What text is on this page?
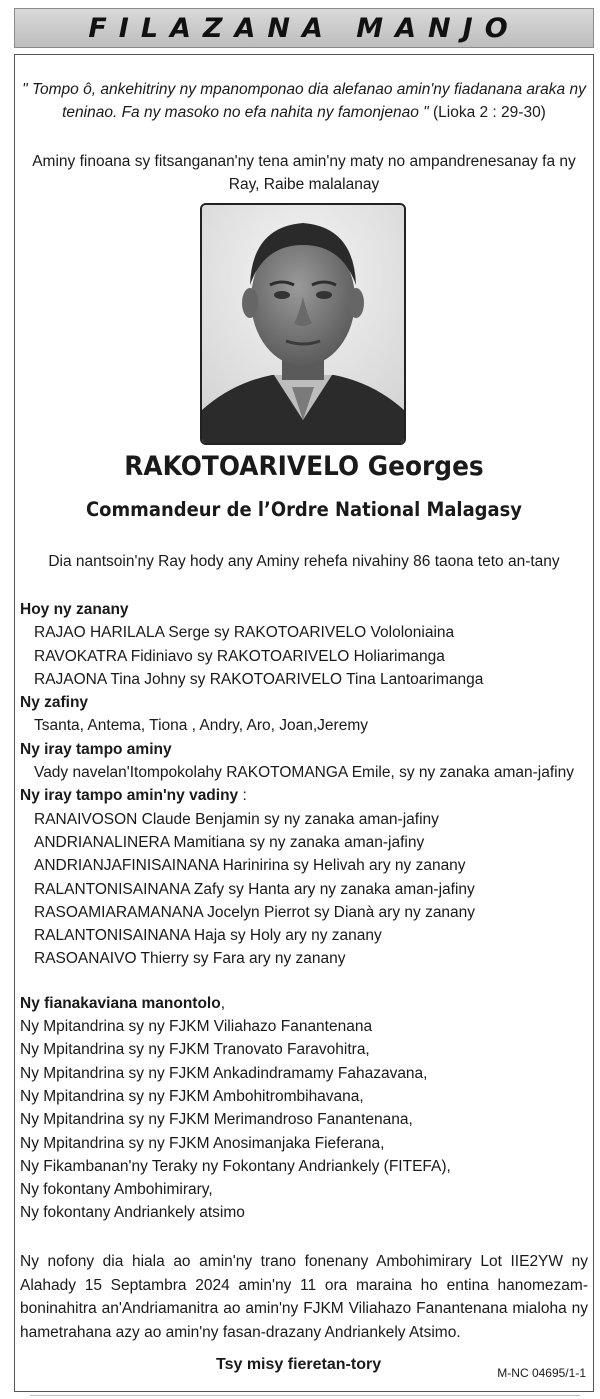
FILAZANA MANJO
" Tompo ô, ankehitriny ny mpanomponao dia alefanao amin'ny fiadanana araka ny teninao. Fa ny masoko no efa nahita ny famonjenao " (Lioka 2 : 29-30)
Aminy finoana sy fitsanganan'ny tena amin'ny maty no ampandrenesanay fa ny Ray, Raibe malalanay
RAKOTOARIVELO Georges
Commandeur de l’Ordre National Malagasy
Dia nantsoin'ny Ray hody any Aminy rehefa nivahiny 86 taona teto an-tany
Hoy ny zanany
RAJAO HARILALA Serge sy RAKOTOARIVELO Vololoniaina
RAVOKATRA Fidiniavo sy RAKOTOARIVELO Holiarimanga
RAJAONA Tina Johny sy RAKOTOARIVELO Tina Lantoarimanga
Ny zafiny
Tsanta, Antema, Tiona , Andry, Aro, Joan,Jeremy
Ny iray tampo aminy
Vady navelan'Itompokolahy RAKOTOMANGA Emile, sy ny zanaka aman-jafiny
Ny iray tampo amin'ny vadiny :
RANAIVOSON Claude Benjamin sy ny zanaka aman-jafiny
ANDRIANALINERA Mamitiana sy ny zanaka aman-jafiny
ANDRIANJAFINISAINANA Harinirina sy Helivah ary ny zanany
RALANTONISAINANA Zafy sy Hanta ary ny zanaka aman-jafiny
RASOAMIARAMANANA Jocelyn Pierrot sy Dianà ary ny zanany
RALANTONISAINANA Haja sy Holy ary ny zanany
RASOANAIVO Thierry sy Fara ary ny zanany
Ny fianakaviana manontolo,
Ny Mpitandrina sy ny FJKM Viliahazo Fanantenana
Ny Mpitandrina sy ny FJKM Tranovato Faravohitra,
Ny Mpitandrina sy ny FJKM Ankadindramamy Fahazavana,
Ny Mpitandrina sy ny FJKM Ambohitrombihavana,
Ny Mpitandrina sy ny FJKM Merimandroso Fanantenana,
Ny Mpitandrina sy ny FJKM Anosimanjaka Fieferana,
Ny Fikambanan'ny Teraky ny Fokontany Andriankely (FITEFA),
Ny fokontany Ambohimirary,
Ny fokontany Andriankely atsimo
Ny nofony dia hiala ao amin'ny trano fonenany Ambohimirary Lot IIE2YW ny Alahady 15 Septambra 2024 amin'ny 11 ora maraina ho entina hanomezam-boninahitra an'Andriamanitra ao amin'ny FJKM Viliahazo Fanantenana mialoha ny hametrahana azy ao amin'ny fasan-drazany Andriankely Atsimo.
Tsy misy fieretan-tory	M-NC 04695/1-1
